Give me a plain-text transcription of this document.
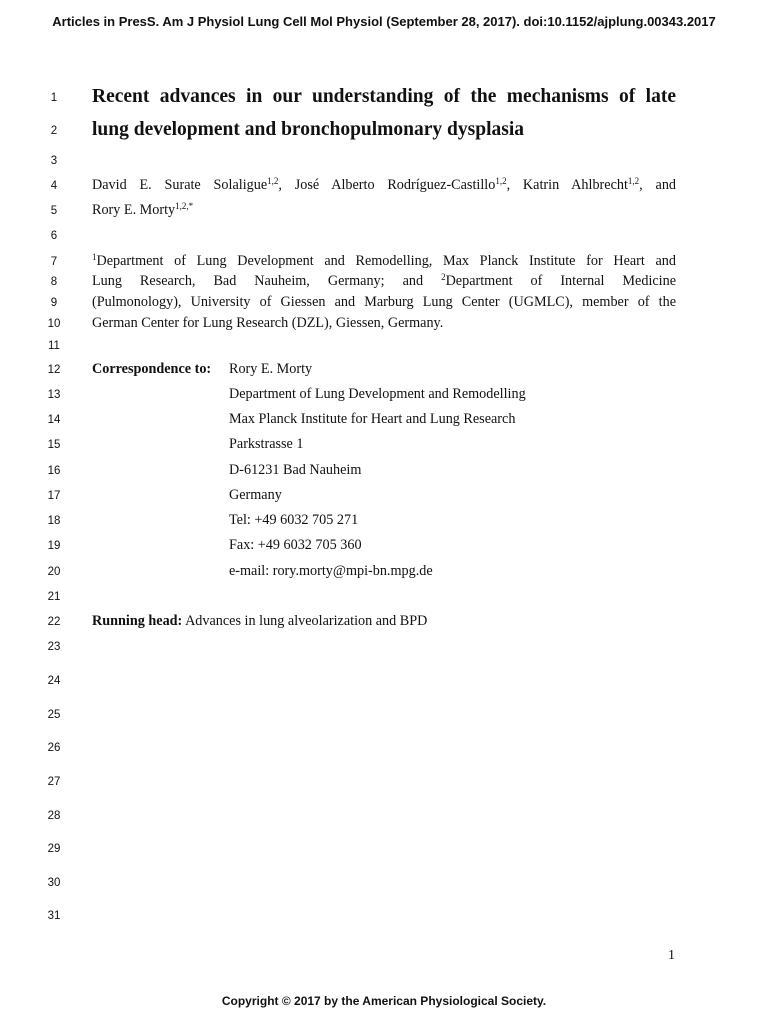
Articles in PresS. Am J Physiol Lung Cell Mol Physiol (September 28, 2017). doi:10.1152/ajplung.00343.2017
1
2
3
4
5
6
7
8
9
10
11
12
13
14
15
16
17
18
19
20
21
22
23
24
25
26
27
28
29
30
31
Recent advances in our understanding of the mechanisms of late
lung development and bronchopulmonary dysplasia
David E. Surate Solaligue$^{1,2}$, José Alberto Rodríguez-Castillo$^{1,2}$, Katrin Ahlbrecht$^{1,2}$, and
Rory E. Morty$^{1,2,*}$
$^1$Department of Lung Development and Remodelling, Max Planck Institute for Heart and
Lung Research, Bad Nauheim, Germany; and $^2$Department of Internal Medicine
(Pulmonology), University of Giessen and Marburg Lung Center (UGMLC), member of the
German Center for Lung Research (DZL), Giessen, Germany.
Correspondence to: Rory E. Morty
Department of Lung Development and Remodelling
Max Planck Institute for Heart and Lung Research
Parkstrasse 1
D-61231 Bad Nauheim
Germany
Tel: +49 6032 705 271
Fax: +49 6032 705 360
e-mail: rory.morty@mpi-bn.mpg.de
Running head: Advances in lung alveolarization and BPD
1
Copyright © 2017 by the American Physiological Society.
